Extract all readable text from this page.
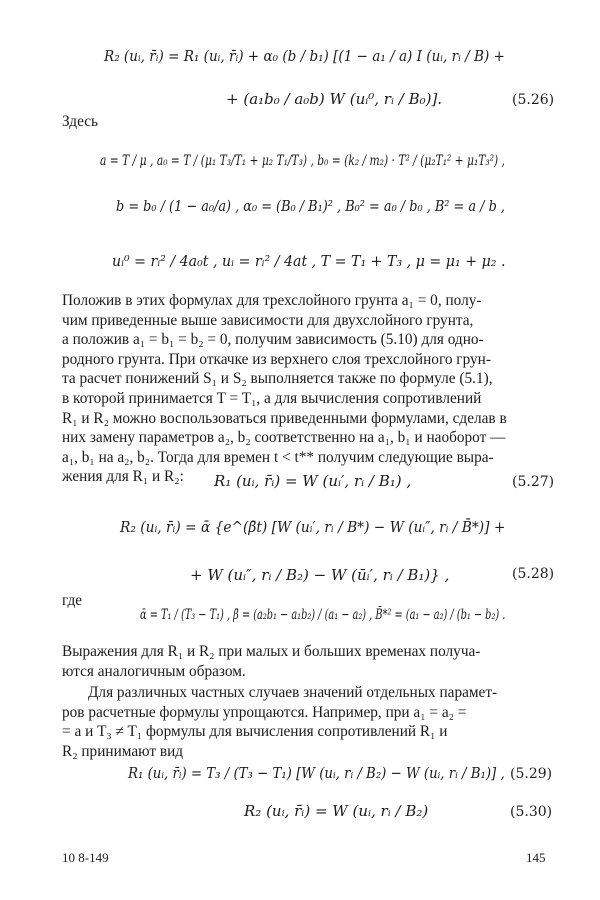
R₂ (uᵢ, r̄ᵢ) = R₁ (uᵢ, r̄ᵢ) + α₀ (b / b₁) [(1 − a₁ / a) I (uᵢ, rᵢ / B) +
+ (a₁b₀ / a₀b) W (uᵢ⁰, rᵢ / B₀)].	(5.26)
Здесь
a = T / μ , a₀ = T / (μ₁ T₃/T₁ + μ₂ T₁/T₃) , b₀ = (k₂ / m₂) · T² / (μ₂T₁² + μ₁T₃²) ,
b = b₀ / (1 − a₀/a) , α₀ = (B₀ / B₁)² , B₀² = a₀ / b₀ , B² = a / b ,
uᵢ⁰ = rᵢ² / 4a₀t , uᵢ = rᵢ² / 4at , T = T₁ + T₃ , μ = μ₁ + μ₂ .
Положив в этих формулах для трехслойного грунта a₁ = 0, полу-
чим приведенные выше зависимости для двухслойного грунта,
а положив a₁ = b₁ = b₂ = 0, получим зависимость (5.10) для одно-
родного грунта. При откачке из верхнего слоя трехслойного грун-
та расчет понижений S₁ и S₂ выполняется также по формуле (5.1),
в которой принимается T = T₁, а для вычисления сопротивлений
R₁ и R₂ можно воспользоваться приведенными формулами, сделав в
них замену параметров a₂, b₂ соответственно на a₁, b₁ и наоборот —
a₁, b₁ на a₂, b₂. Тогда для времен t < t** получим следующие выра-
жения для R₁ и R₂:	R₁ (uᵢ, r̄ᵢ) = W (uᵢ′, rᵢ / B₁) ,	(5.27)
R₂ (uᵢ, r̄ᵢ) = ᾱ {e^(β̄t) [W (uᵢ′, rᵢ / B*) − W (uᵢ″, rᵢ / B̄*)] +
+ W (uᵢ″, rᵢ / B₂) − W (ūᵢ′, rᵢ / B₁)} ,	(5.28)
где
ᾱ = T₁ / (T₃ − T₁) , β̄ = (a₂b₁ − a₁b₂) / (a₁ − a₂) , B̄*² = (a₁ − a₂) / (b₁ − b₂) .
Выражения для R₁ и R₂ при малых и больших временах получа-
ются аналогичным образом.
Для различных частных случаев значений отдельных парамет-
ров расчетные формулы упрощаются. Например, при a₁ = a₂ =
= a и T₃ ≠ T₁ формулы для вычисления сопротивлений R₁ и
R₂ принимают вид
R₁ (uᵢ, r̄ᵢ) = T₃ / (T₃ − T₁) [W (uᵢ, rᵢ / B₂) − W (uᵢ, rᵢ / B₁)] , (5.29)
R₂ (uᵢ, r̄ᵢ) = W (uᵢ, rᵢ / B₂)	(5.30)
10 8-149	145
